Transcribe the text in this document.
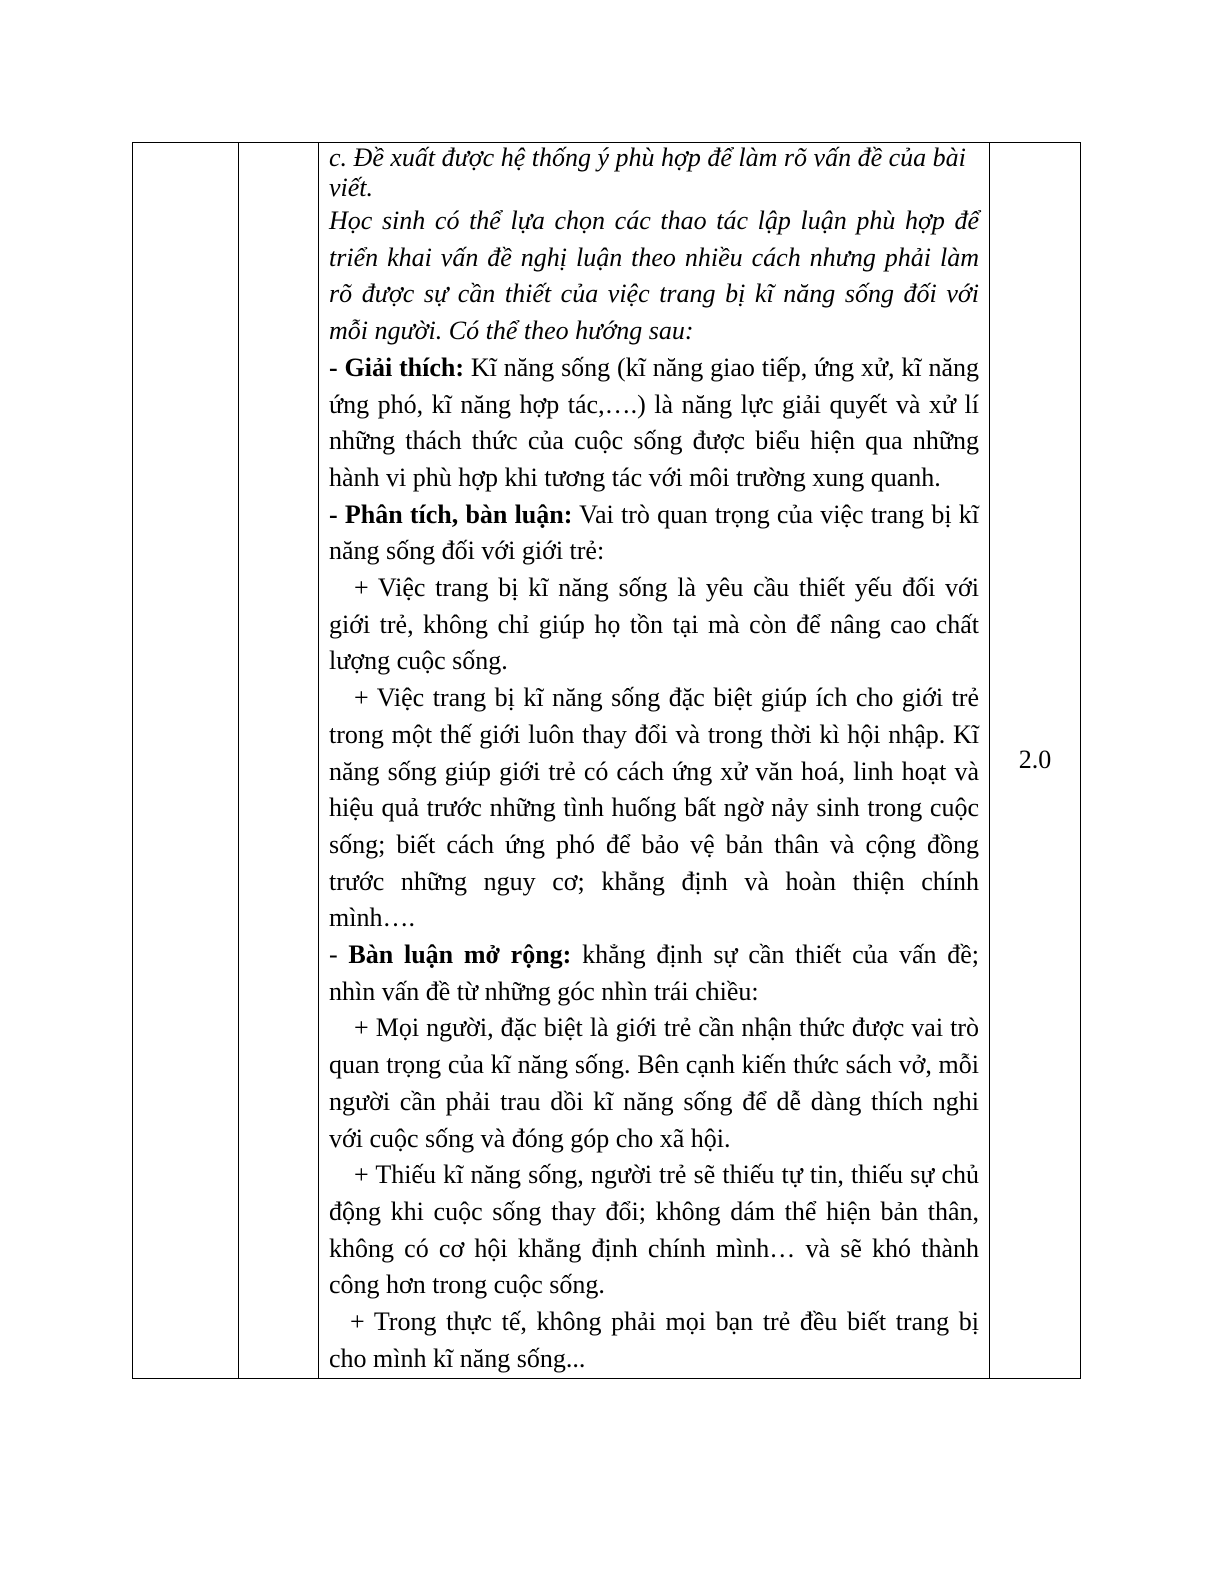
c. Đề xuất được hệ thống ý phù hợp để làm rõ vấn đề của bài viết.

Học sinh có thể lựa chọn các thao tác lập luận phù hợp để triển khai vấn đề nghị luận theo nhiều cách nhưng phải làm rõ được sự cần thiết của việc trang bị kĩ năng sống đối với mỗi người. Có thể theo hướng sau:

- Giải thích: Kĩ năng sống (kĩ năng giao tiếp, ứng xử, kĩ năng ứng phó, kĩ năng hợp tác,….) là năng lực giải quyết và xử lí những thách thức của cuộc sống được biểu hiện qua những hành vi phù hợp khi tương tác với môi trường xung quanh.

- Phân tích, bàn luận: Vai trò quan trọng của việc trang bị kĩ năng sống đối với giới trẻ:

+ Việc trang bị kĩ năng sống là yêu cầu thiết yếu đối với giới trẻ, không chỉ giúp họ tồn tại mà còn để nâng cao chất lượng cuộc sống.

+ Việc trang bị kĩ năng sống đặc biệt giúp ích cho giới trẻ trong một thế giới luôn thay đổi và trong thời kì hội nhập. Kĩ năng sống giúp giới trẻ có cách ứng xử văn hoá, linh hoạt và hiệu quả trước những tình huống bất ngờ nảy sinh trong cuộc sống; biết cách ứng phó để bảo vệ bản thân và cộng đồng trước những nguy cơ; khẳng định và hoàn thiện chính mình….

- Bàn luận mở rộng: khẳng định sự cần thiết của vấn đề; nhìn vấn đề từ những góc nhìn trái chiều:

+ Mọi người, đặc biệt là giới trẻ cần nhận thức được vai trò quan trọng của kĩ năng sống. Bên cạnh kiến thức sách vở, mỗi người cần phải trau dồi kĩ năng sống để dễ dàng thích nghi với cuộc sống và đóng góp cho xã hội.

+ Thiếu kĩ năng sống, người trẻ sẽ thiếu tự tin, thiếu sự chủ động khi cuộc sống thay đổi; không dám thể hiện bản thân, không có cơ hội khẳng định chính mình… và sẽ khó thành công hơn trong cuộc sống.

+ Trong thực tế, không phải mọi bạn trẻ đều biết trang bị cho mình kĩ năng sống...

	2.0
